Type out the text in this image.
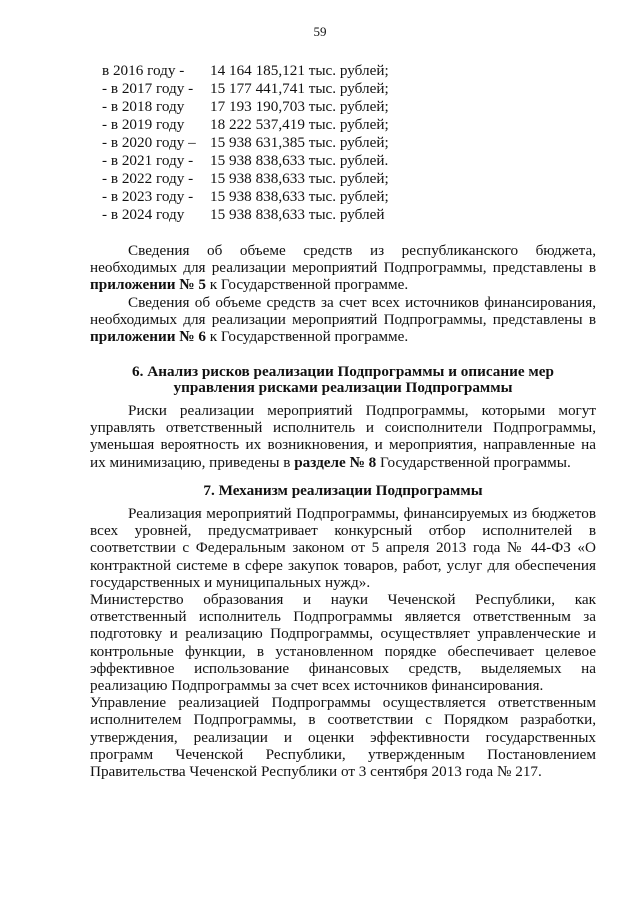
59
в 2016 году - 14 164 185,121 тыс. рублей;
- в 2017 году - 15 177 441,741 тыс. рублей;
- в 2018 году 17 193 190,703 тыс. рублей;
- в 2019 году 18 222 537,419 тыс. рублей;
- в 2020 году – 15 938 631,385 тыс. рублей;
- в 2021 году - 15 938 838,633 тыс. рублей.
- в 2022 году - 15 938 838,633 тыс. рублей;
- в 2023 году - 15 938 838,633 тыс. рублей;
- в 2024 году 15 938 838,633 тыс. рублей

Сведения об объеме средств из республиканского бюджета, необходимых для реализации мероприятий Подпрограммы, представлены в приложении № 5 к Государственной программе.

Сведения об объеме средств за счет всех источников финансирования, необходимых для реализации мероприятий Подпрограммы, представлены в приложении № 6 к Государственной программе.

6. Анализ рисков реализации Подпрограммы и описание мер
управления рисками реализации Подпрограммы

Риски реализации мероприятий Подпрограммы, которыми могут управлять ответственный исполнитель и соисполнители Подпрограммы, уменьшая вероятность их возникновения, и мероприятия, направленные на их минимизацию, приведены в разделе № 8 Государственной программы.

7. Механизм реализации Подпрограммы

Реализация мероприятий Подпрограммы, финансируемых из бюджетов всех уровней, предусматривает конкурсный отбор исполнителей в соответствии с Федеральным законом от 5 апреля 2013 года № 44-ФЗ «О контрактной системе в сфере закупок товаров, работ, услуг для обеспечения государственных и муниципальных нужд».

Министерство образования и науки Чеченской Республики, как ответственный исполнитель Подпрограммы является ответственным за подготовку и реализацию Подпрограммы, осуществляет управленческие и контрольные функции, в установленном порядке обеспечивает целевое эффективное использование финансовых средств, выделяемых на реализацию Подпрограммы за счет всех источников финансирования.

Управление реализацией Подпрограммы осуществляется ответственным исполнителем Подпрограммы, в соответствии с Порядком разработки, утверждения, реализации и оценки эффективности государственных программ Чеченской Республики, утвержденным Постановлением Правительства Чеченской Республики от 3 сентября 2013 года № 217.
